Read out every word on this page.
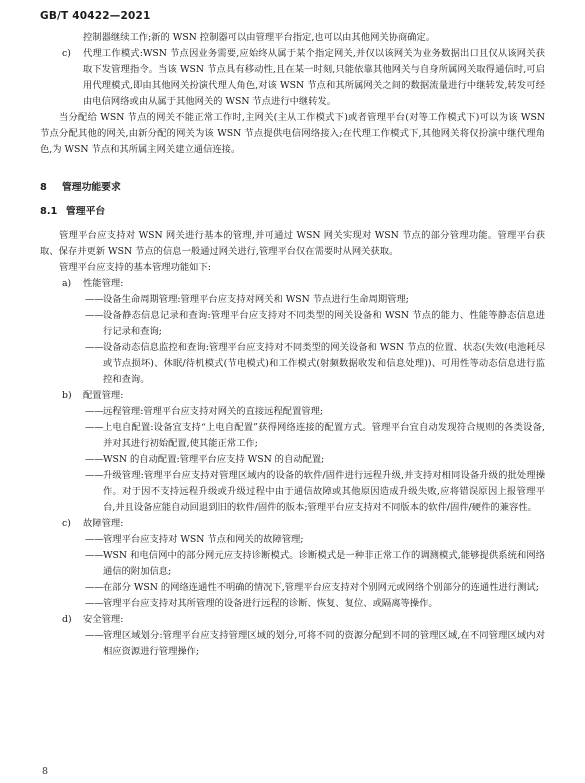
GB/T 40422—2021

控制器继续工作;新的 WSN 控制器可以由管理平台指定,也可以由其他网关协商确定。

c) 代理工作模式:WSN 节点因业务需要,应始终从属于某个指定网关,并仅以该网关为业务数据出口且仅从该网关获取下发管理指令。当该 WSN 节点具有移动性,且在某一时刻,只能依靠其他网关与自身所属网关取得通信时,可启用代理模式,即由其他网关扮演代理人角色,对该 WSN 节点和其所属网关之间的数据流量进行中继转发,转发可经由电信网络或由从属于其他网关的 WSN 节点进行中继转发。

当分配给 WSN 节点的网关不能正常工作时,主网关(主从工作模式下)或者管理平台(对等工作模式下)可以为该 WSN 节点分配其他的网关,由新分配的网关为该 WSN 节点提供电信网络接入;在代理工作模式下,其他网关将仅扮演中继代理角色,为 WSN 节点和其所属主网关建立通信连接。

8 管理功能要求

8.1 管理平台

管理平台应支持对 WSN 网关进行基本的管理,并可通过 WSN 网关实现对 WSN 节点的部分管理功能。管理平台获取、保存并更新 WSN 节点的信息一般通过网关进行,管理平台仅在需要时从网关获取。

管理平台应支持的基本管理功能如下:

a) 性能管理:
—— 设备生命周期管理:管理平台应支持对网关和 WSN 节点进行生命周期管理;
—— 设备静态信息记录和查询:管理平台应支持对不同类型的网关设备和 WSN 节点的能力、性能等静态信息进行记录和查询;
—— 设备动态信息监控和查询:管理平台应支持对不同类型的网关设备和 WSN 节点的位置、状态(失效(电池耗尽或节点损坏)、休眠/待机模式(节电模式)和工作模式(射频数据收发和信息处理))、可用性等动态信息进行监控和查询。
b) 配置管理:
—— 远程管理:管理平台应支持对网关的直接远程配置管理;
—— 上电自配置:设备宜支持“上电自配置”获得网络连接的配置方式。管理平台宜自动发现符合规则的各类设备,并对其进行初始配置,使其能正常工作;
—— WSN 的自动配置:管理平台应支持 WSN 的自动配置;
—— 升级管理:管理平台应支持对管理区域内的设备的软件/固件进行远程升级,并支持对相同设备升级的批处理操作。对于因不支持远程升级或升级过程中由于通信故障或其他原因造成升级失败,应将错误原因上报管理平台,并且设备应能自动回退到旧的软件/固件的版本;管理平台应支持对不同版本的软件/固件/硬件的兼容性。
c) 故障管理:
—— 管理平台应支持对 WSN 节点和网关的故障管理;
—— WSN 和电信网中的部分网元应支持诊断模式。诊断模式是一种非正常工作的调测模式,能够提供系统和网络通信的附加信息;
—— 在部分 WSN 的网络连通性不明确的情况下,管理平台应支持对个别网元或网络个别部分的连通性进行测试;
—— 管理平台应支持对其所管理的设备进行远程的诊断、恢复、复位、或隔离等操作。
d) 安全管理:
—— 管理区域划分:管理平台应支持管理区域的划分,可将不同的资源分配到不同的管理区域,在不同管理区域内对相应资源进行管理操作;
8
